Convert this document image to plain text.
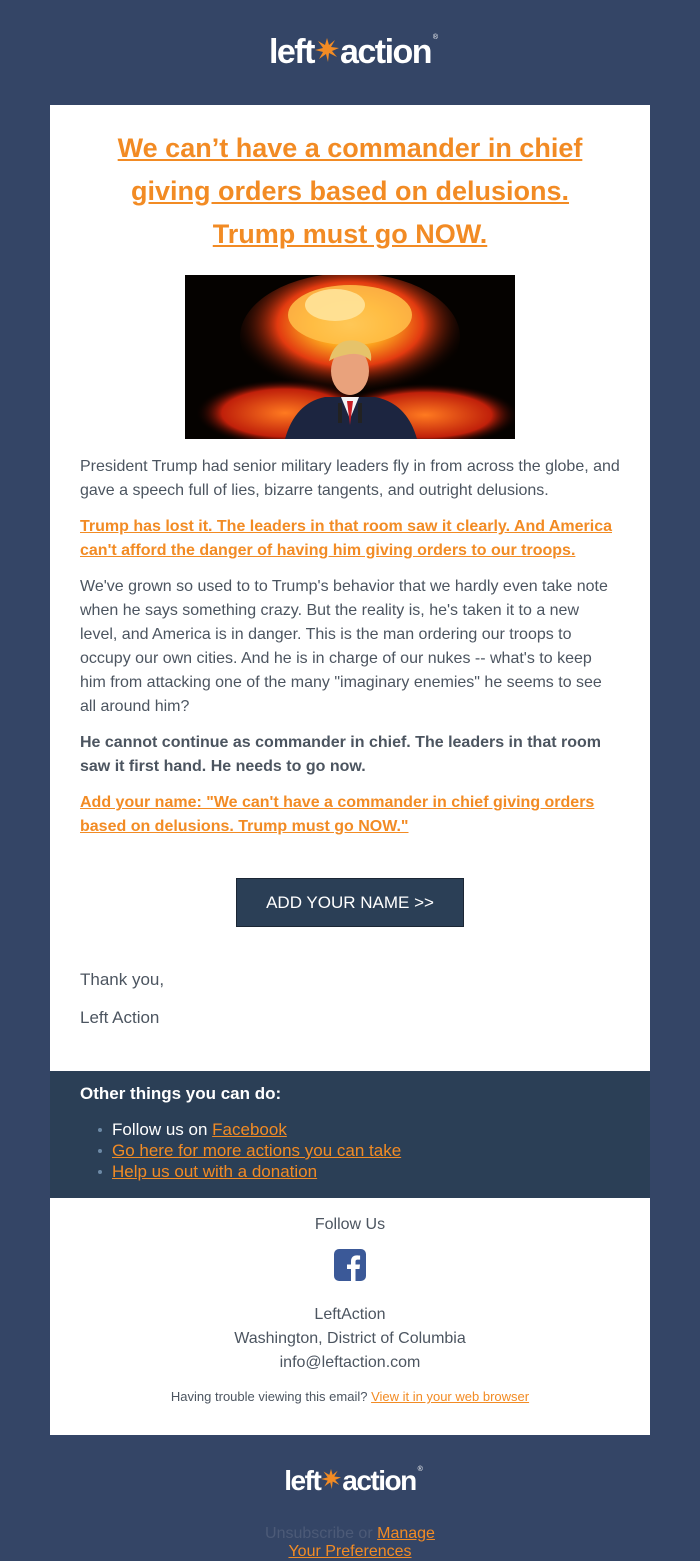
left action ®
We can’t have a commander in chief giving orders based on delusions. Trump must go NOW.

President Trump had senior military leaders fly in from across the globe, and gave a speech full of lies, bizarre tangents, and outright delusions.

Trump has lost it. The leaders in that room saw it clearly. And America can't afford the danger of having him giving orders to our troops.

We've grown so used to to Trump's behavior that we hardly even take note when he says something crazy. But the reality is, he's taken it to a new level, and America is in danger. This is the man ordering our troops to occupy our own cities. And he is in charge of our nukes -- what's to keep him from attacking one of the many "imaginary enemies" he seems to see all around him?

He cannot continue as commander in chief. The leaders in that room saw it first hand. He needs to go now.

Add your name: "We can't have a commander in chief giving orders based on delusions. Trump must go NOW."
ADD YOUR NAME >>

Thank you,

Left Action

Other things you can do:
Follow us on Facebook
Go here for more actions you can take
Help us out with a donation
Follow Us
LeftAction
Washington, District of Columbia
info@leftaction.com
Having trouble viewing this email? View it in your web browser
left action ®
Unsubscribe or Manage
Your Preferences
